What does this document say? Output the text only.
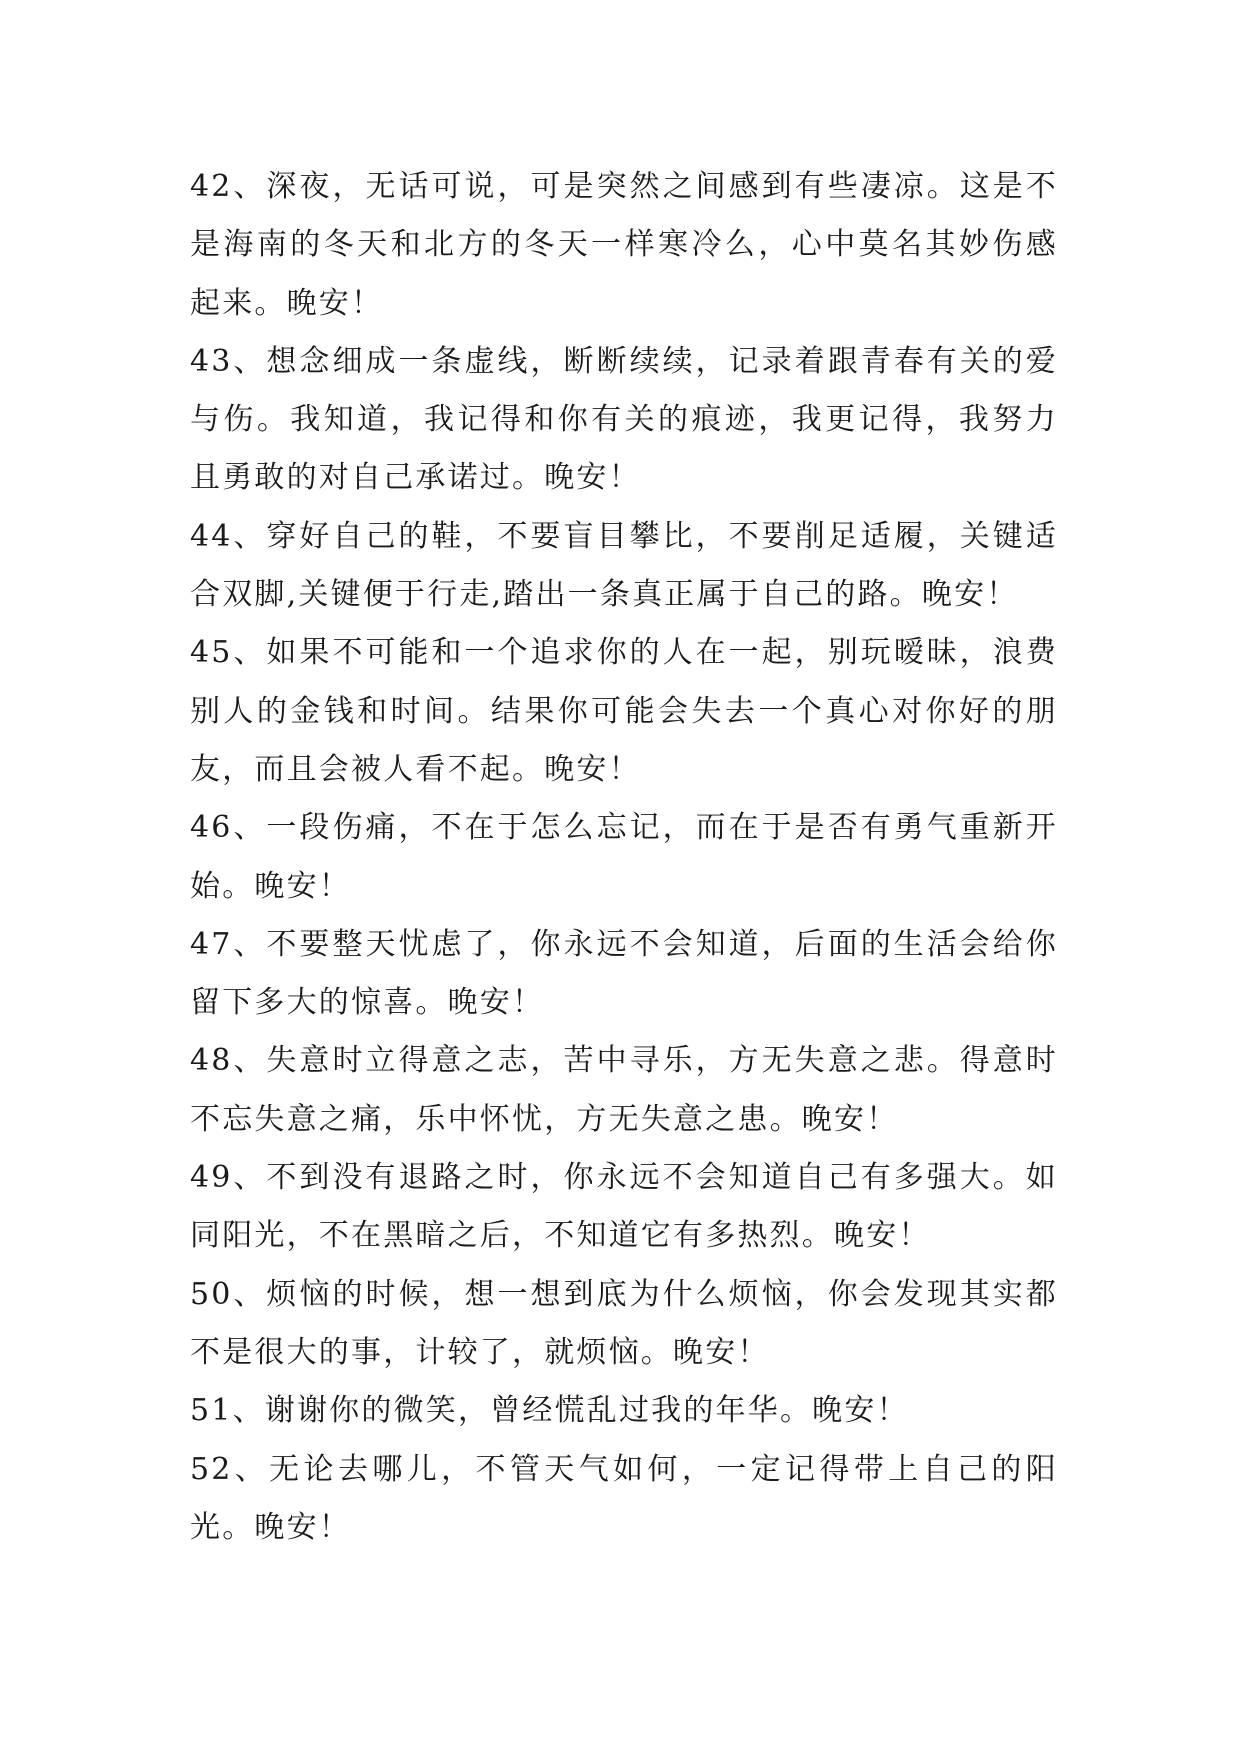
42、深夜，无话可说，可是突然之间感到有些凄凉。这是不是海南的冬天和北方的冬天一样寒冷么，心中莫名其妙伤感起来。晚安！

43、想念细成一条虚线，断断续续，记录着跟青春有关的爱与伤。我知道，我记得和你有关的痕迹，我更记得，我努力且勇敢的对自己承诺过。晚安！

44、穿好自己的鞋，不要盲目攀比，不要削足适履，关键适合双脚,关键便于行走,踏出一条真正属于自己的路。晚安！

45、如果不可能和一个追求你的人在一起，别玩暧昧，浪费别人的金钱和时间。结果你可能会失去一个真心对你好的朋友，而且会被人看不起。晚安！

46、一段伤痛，不在于怎么忘记，而在于是否有勇气重新开始。晚安！

47、不要整天忧虑了，你永远不会知道，后面的生活会给你留下多大的惊喜。晚安！

48、失意时立得意之志，苦中寻乐，方无失意之悲。得意时不忘失意之痛，乐中怀忧，方无失意之患。晚安！

49、不到没有退路之时，你永远不会知道自己有多强大。如同阳光，不在黑暗之后，不知道它有多热烈。晚安！

50、烦恼的时候，想一想到底为什么烦恼，你会发现其实都不是很大的事，计较了，就烦恼。晚安！

51、谢谢你的微笑，曾经慌乱过我的年华。晚安！

52、无论去哪儿，不管天气如何，一定记得带上自己的阳光。晚安！
